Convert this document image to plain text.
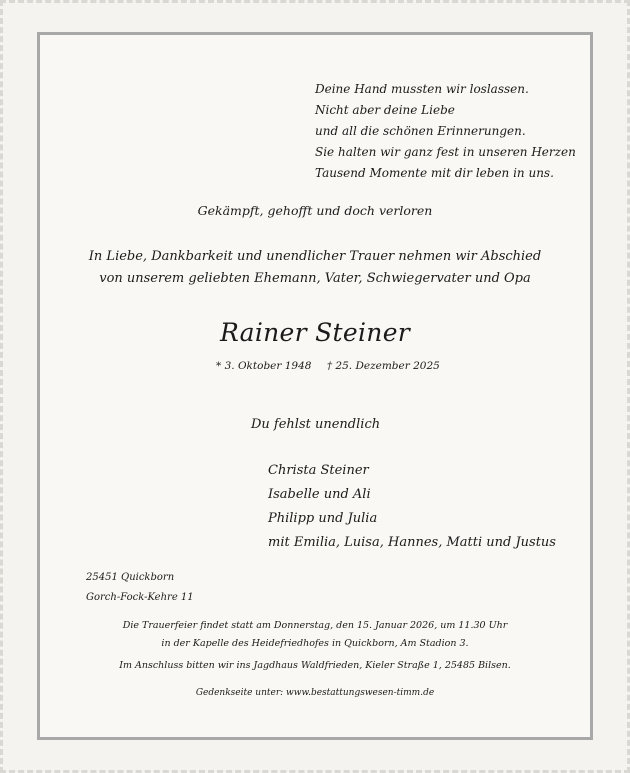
Deine Hand mussten wir loslassen.
Nicht aber deine Liebe
und all die schönen Erinnerungen.
Sie halten wir ganz fest in unseren Herzen
Tausend Momente mit dir leben in uns.
Gekämpft, gehofft und doch verloren
In Liebe, Dankbarkeit und unendlicher Trauer nehmen wir Abschied
von unserem geliebten Ehemann, Vater, Schwiegervater und Opa
Rainer Steiner
* 3. Oktober 1948 † 25. Dezember 2025
Du fehlst unendlich
Christa Steiner
Isabelle und Ali
Philipp und Julia
mit Emilia, Luisa, Hannes, Matti und Justus
25451 Quickborn
Gorch-Fock-Kehre 11
Die Trauerfeier findet statt am Donnerstag, den 15. Januar 2026, um 11.30 Uhr
in der Kapelle des Heidefriedhofes in Quickborn, Am Stadion 3.
Im Anschluss bitten wir ins Jagdhaus Waldfrieden, Kieler Straße 1, 25485 Bilsen.
Gedenkseite unter: www.bestattungswesen-timm.de
